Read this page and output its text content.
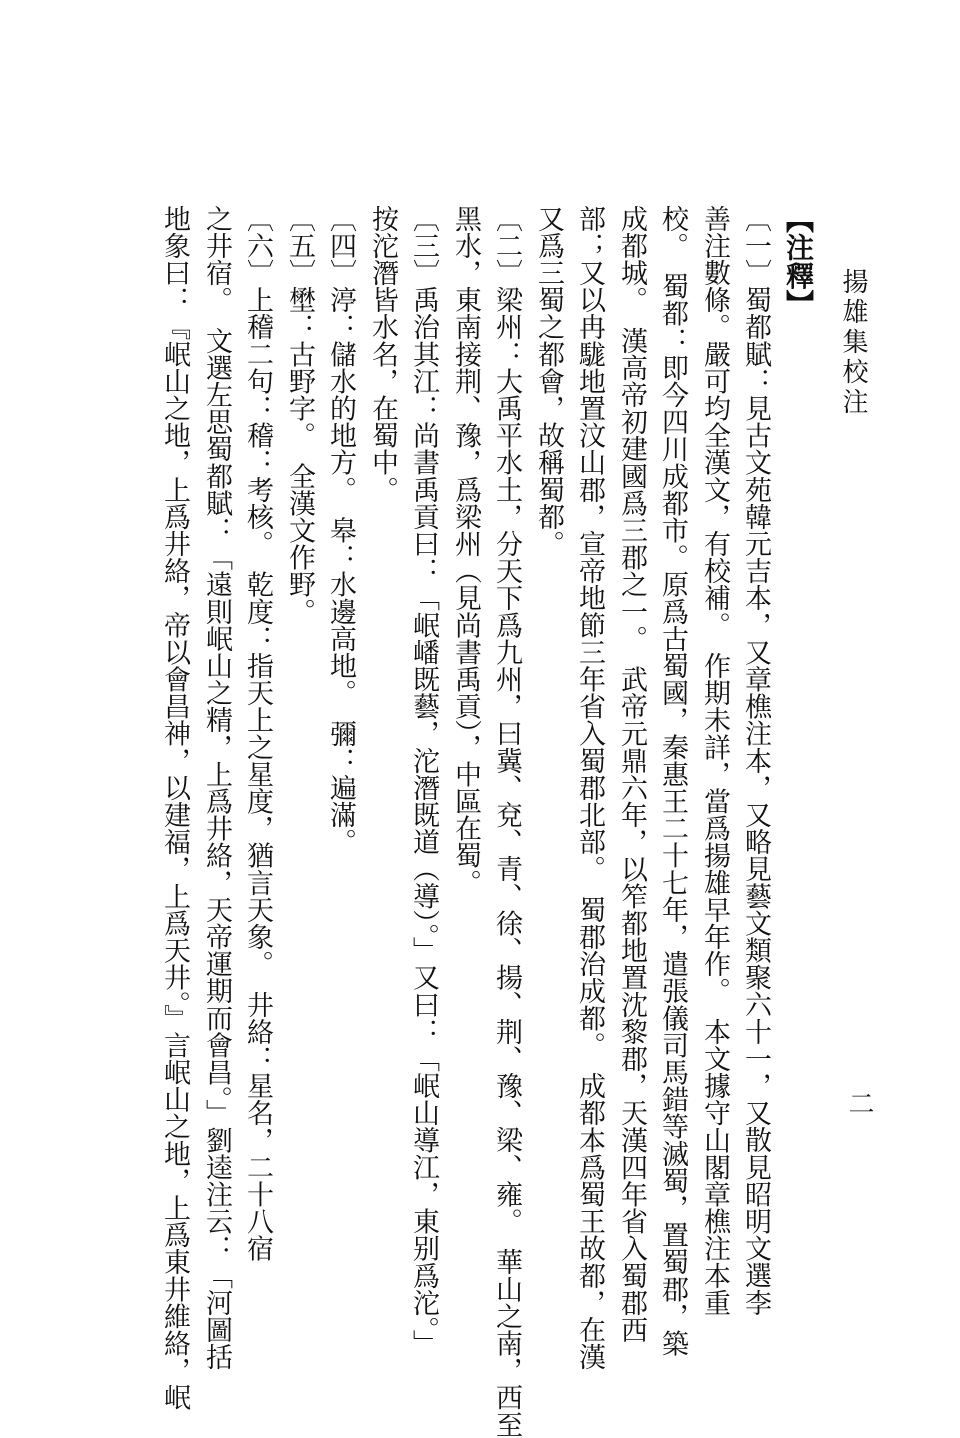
揚雄集校注
二
【注釋】
〔一〕蜀都賦：見古文苑韓元吉本，又章樵注本，又略見藝文類聚六十一，又散見昭明文選李
善注數條。嚴可均全漢文，有校補。　作期未詳，當爲揚雄早年作。　本文據守山閣章樵注本重
校。　蜀都：即今四川成都市。原爲古蜀國，秦惠王二十七年，遣張儀司馬錯等滅蜀，置蜀郡，築
成都城。　漢高帝初建國爲三郡之一。　武帝元鼎六年，以笮都地置沈黎郡，天漢四年省入蜀郡西
部；又以冉駹地置汶山郡，宣帝地節三年省入蜀郡北部。　蜀郡治成都。　成都本爲蜀王故都，在漢
又爲三蜀之都會，故稱蜀都。
〔二〕梁州：大禹平水土，分天下爲九州，曰冀、兗、青、徐、揚、荆、豫、梁、雍。　華山之南，西至
黑水，東南接荆、豫，爲梁州（見尚書禹貢），中區在蜀。
〔三〕禹治其江：尚書禹貢曰：「岷嶓既藝，沱潛既道（導）。」又曰：「岷山導江，東别爲沱。」
按沱潛皆水名，在蜀中。
〔四〕渟：儲水的地方。　皋：水邊高地。　彌：遍滿。
〔五〕壄：古野字。　全漢文作野。
〔六〕上稽二句：稽：考核。　乾度：指天上之星度，猶言天象。　井絡：星名，二十八宿
之井宿。　文選左思蜀都賦：「遠則岷山之精，上爲井絡，天帝運期而會昌。」劉逵注云：「河圖括
地象曰：『岷山之地，上爲井絡，帝以會昌神，以建福，上爲天井。』言岷山之地，上爲東井維絡，岷
